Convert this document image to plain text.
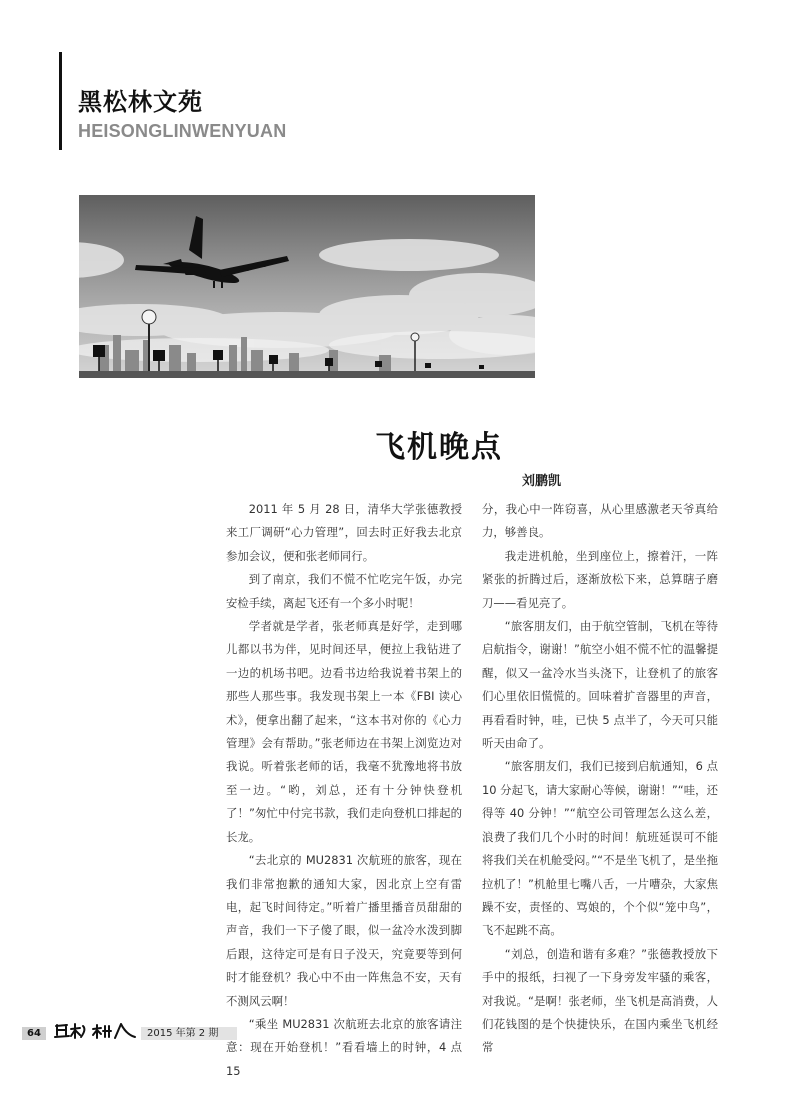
黑松林文苑
HEISONGLINWENYUAN
飞机晚点
刘鹏凯

2011 年 5 月 28 日，清华大学张德教授来工厂调研“心力管理”，回去时正好我去北京参加会议，便和张老师同行。

到了南京，我们不慌不忙吃完午饭，办完安检手续，离起飞还有一个多小时呢！

学者就是学者，张老师真是好学，走到哪儿都以书为伴，见时间还早，便拉上我钻进了一边的机场书吧。边看书边给我说着书架上的那些人那些事。我发现书架上一本《FBI 读心术》，便拿出翻了起来，“这本书对你的《心力管理》会有帮助。”张老师边在书架上浏览边对我说。听着张老师的话，我毫不犹豫地将书放至一边。“哟，刘总，还有十分钟快登机了！”匆忙中付完书款，我们走向登机口排起的长龙。

“去北京的 MU2831 次航班的旅客，现在我们非常抱歉的通知大家，因北京上空有雷电，起飞时间待定。”听着广播里播音员甜甜的声音，我们一下子傻了眼，似一盆冷水泼到脚后跟，这待定可是有日子没天，究竟要等到何时才能登机？我心中不由一阵焦急不安，天有不测风云啊！

“乘坐 MU2831 次航班去北京的旅客请注意：现在开始登机！”看看墙上的时钟，4 点 15

分，我心中一阵窃喜，从心里感激老天爷真给力，够善良。

我走进机舱，坐到座位上，擦着汗，一阵紧张的折腾过后，逐渐放松下来，总算瞎子磨刀——看见亮了。

“旅客朋友们，由于航空管制，飞机在等待启航指令，谢谢！”航空小姐不慌不忙的温馨提醒，似又一盆冷水当头浇下，让登机了的旅客们心里依旧慌慌的。回味着扩音器里的声音，再看看时钟，哇，已快 5 点半了，今天可只能听天由命了。

“旅客朋友们，我们已接到启航通知，6 点 10 分起飞，请大家耐心等候，谢谢！”“哇，还得等 40 分钟！”“航空公司管理怎么这么差，浪费了我们几个小时的时间！航班延误可不能将我们关在机舱受闷。”“不是坐飞机了，是坐拖拉机了！”机舱里七嘴八舌，一片嘈杂，大家焦躁不安，责怪的、骂娘的，个个似“笼中鸟”，飞不起跳不高。

“刘总，创造和谐有多难？”张德教授放下手中的报纸，扫视了一下身旁发牢骚的乘客，对我说。“是啊！张老师，坐飞机是高消费，人们花钱图的是个快捷快乐，在国内乘坐飞机经常

64	2015 年第 2 期
